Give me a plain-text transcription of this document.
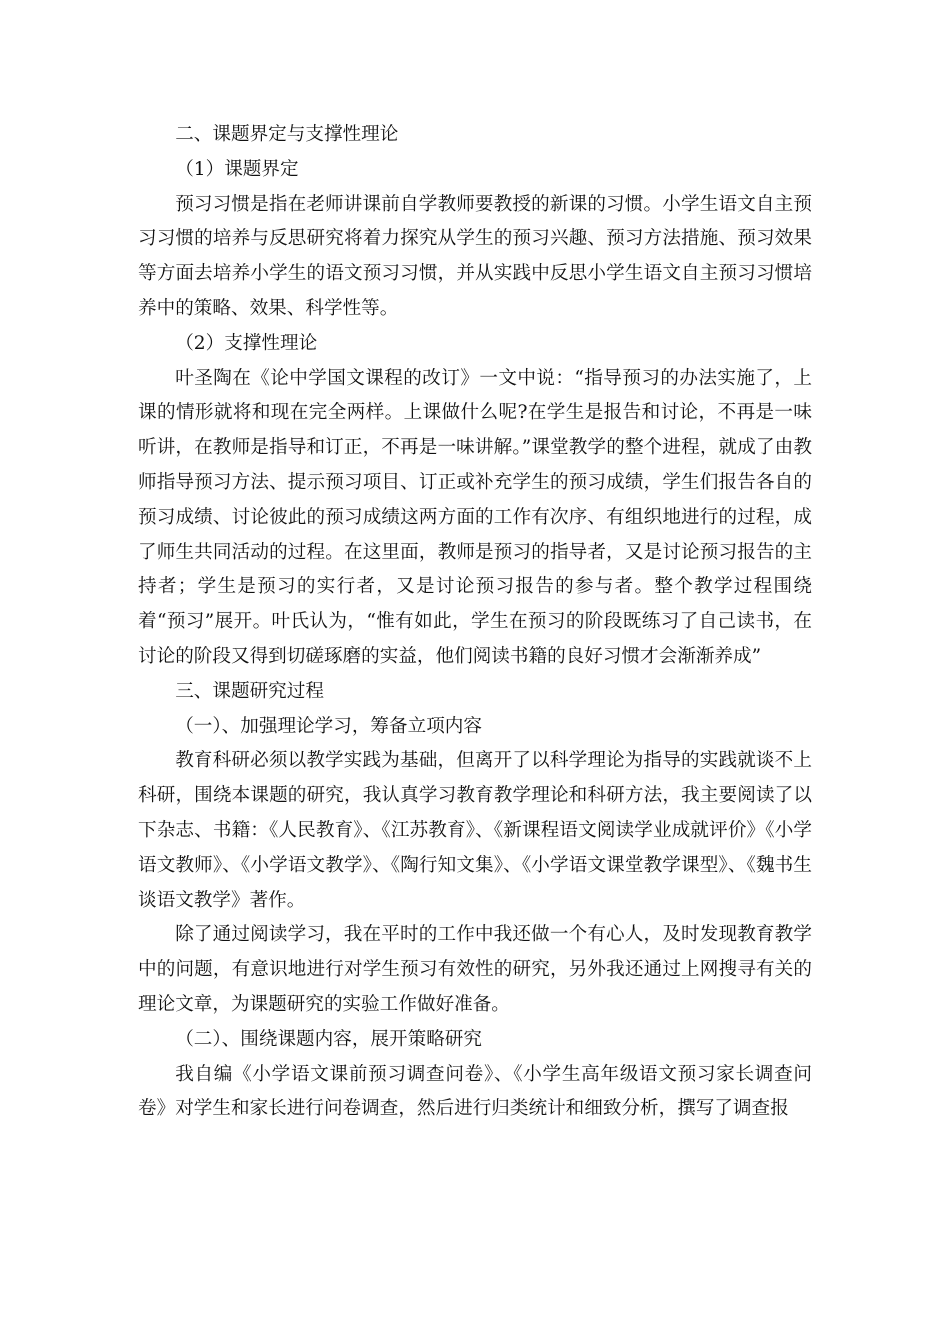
二、课题界定与支撑性理论

（1）课题界定

预习习惯是指在老师讲课前自学教师要教授的新课的习惯。小学生语文自主预习习惯的培养与反思研究将着力探究从学生的预习兴趣、预习方法措施、预习效果等方面去培养小学生的语文预习习惯，并从实践中反思小学生语文自主预习习惯培养中的策略、效果、科学性等。

（2）支撑性理论

叶圣陶在《论中学国文课程的改订》一文中说：“指导预习的办法实施了，上课的情形就将和现在完全两样。上课做什么呢?在学生是报告和讨论，不再是一味听讲，在教师是指导和订正，不再是一味讲解。”课堂教学的整个进程，就成了由教师指导预习方法、提示预习项目、订正或补充学生的预习成绩，学生们报告各自的预习成绩、讨论彼此的预习成绩这两方面的工作有次序、有组织地进行的过程，成了师生共同活动的过程。在这里面，教师是预习的指导者，又是讨论预习报告的主持者；学生是预习的实行者，又是讨论预习报告的参与者。整个教学过程围绕着“预习”展开。叶氏认为，“惟有如此，学生在预习的阶段既练习了自己读书，在讨论的阶段又得到切磋琢磨的实益，他们阅读书籍的良好习惯才会渐渐养成”

三、课题研究过程

（一）、加强理论学习，筹备立项内容

教育科研必须以教学实践为基础，但离开了以科学理论为指导的实践就谈不上科研，围绕本课题的研究，我认真学习教育教学理论和科研方法，我主要阅读了以下杂志、书籍：《人民教育》、《江苏教育》、《新课程语文阅读学业成就评价》《小学语文教师》、《小学语文教学》、《陶行知文集》、《小学语文课堂教学课型》、《魏书生谈语文教学》著作。

除了通过阅读学习，我在平时的工作中我还做一个有心人，及时发现教育教学中的问题，有意识地进行对学生预习有效性的研究，另外我还通过上网搜寻有关的理论文章，为课题研究的实验工作做好准备。

（二）、围绕课题内容，展开策略研究

我自编《小学语文课前预习调查问卷》、《小学生高年级语文预习家长调查问卷》对学生和家长进行问卷调查，然后进行归类统计和细致分析，撰写了调查报
